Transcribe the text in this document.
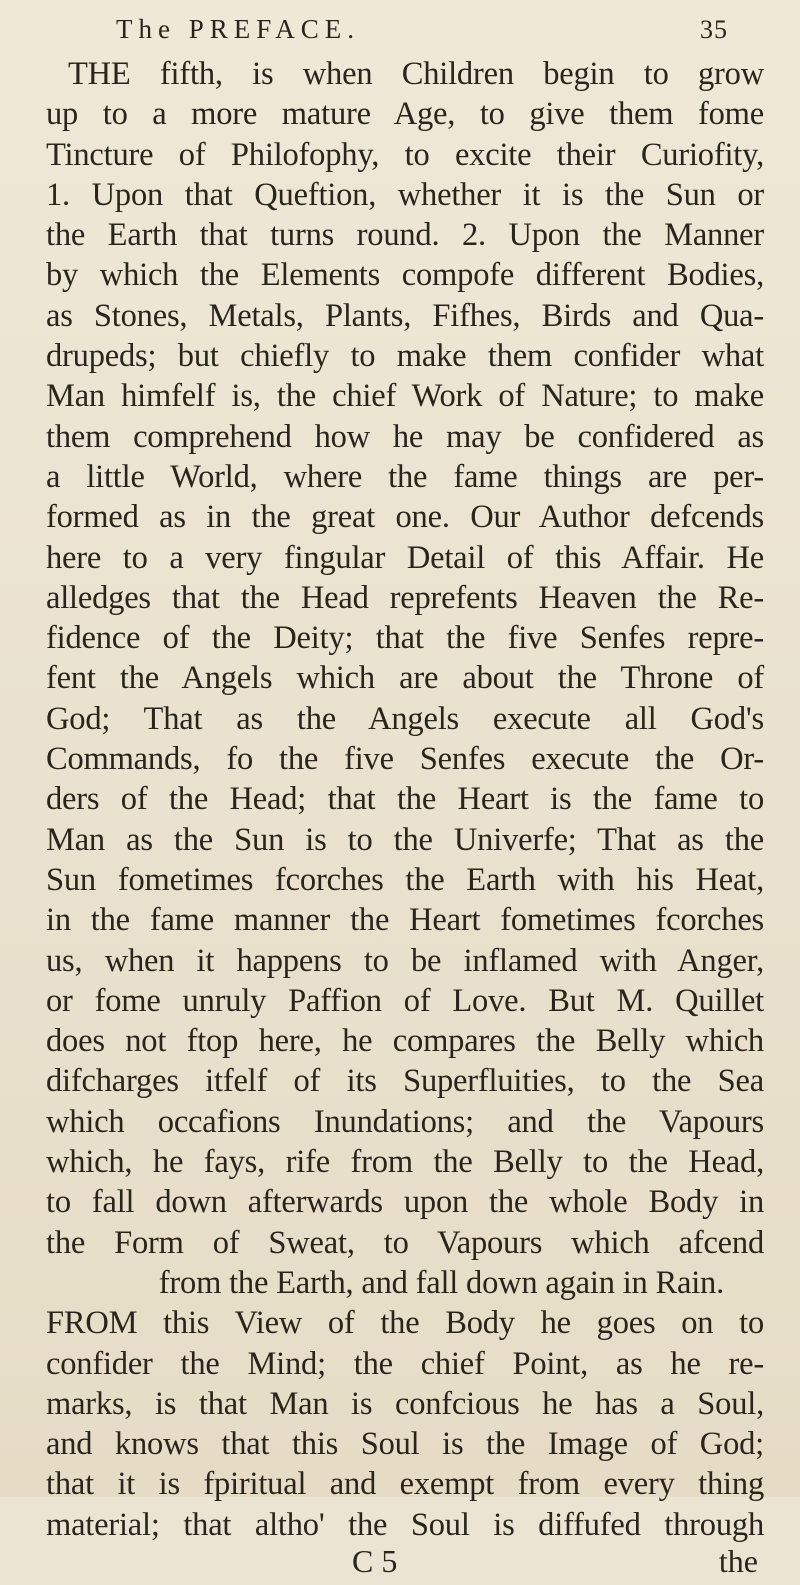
The PREFACE.	35
THE fifth, is when Children begin to grow
up to a more mature Age, to give them fome
Tincture of Philofophy, to excite their Curiofity,
1. Upon that Queftion, whether it is the Sun or
the Earth that turns round. 2. Upon the Manner
by which the Elements compofe different Bodies,
as Stones, Metals, Plants, Fifhes, Birds and Qua-
drupeds; but chiefly to make them confider what
Man himfelf is, the chief Work of Nature; to make
them comprehend how he may be confidered as
a little World, where the fame things are per-
formed as in the great one. Our Author defcends
here to a very fingular Detail of this Affair. He
alledges that the Head reprefents Heaven the Re-
fidence of the Deity; that the five Senfes repre-
fent the Angels which are about the Throne of
God; That as the Angels execute all God's
Commands, fo the five Senfes execute the Or-
ders of the Head; that the Heart is the fame to
Man as the Sun is to the Univerfe; That as the
Sun fometimes fcorches the Earth with his Heat,
in the fame manner the Heart fometimes fcorches
us, when it happens to be inflamed with Anger,
or fome unruly Paffion of Love. But M. Quillet
does not ftop here, he compares the Belly which
difcharges itfelf of its Superfluities, to the Sea
which occafions Inundations; and the Vapours
which, he fays, rife from the Belly to the Head,
to fall down afterwards upon the whole Body in
the Form of Sweat, to Vapours which afcend
from the Earth, and fall down again in Rain.
FROM this View of the Body he goes on to
confider the Mind; the chief Point, as he re-
marks, is that Man is confcious he has a Soul,
and knows that this Soul is the Image of God;
that it is fpiritual and exempt from every thing
material; that altho' the Soul is diffufed through
C 5	the
